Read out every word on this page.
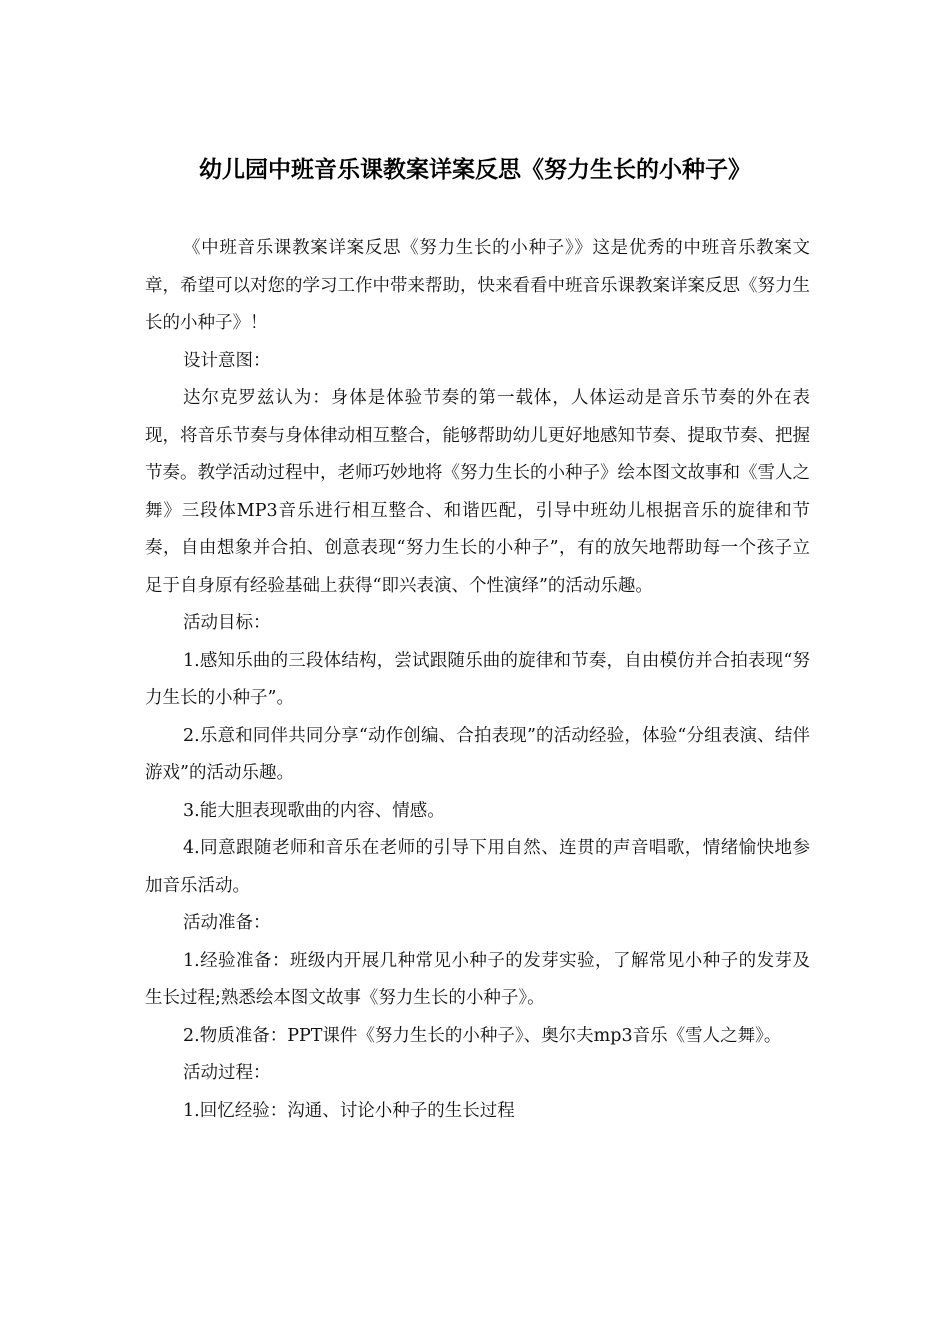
幼儿园中班音乐课教案详案反思《努力生长的小种子》

《中班音乐课教案详案反思《努力生长的小种子》》这是优秀的中班音乐教案文章，希望可以对您的学习工作中带来帮助，快来看看中班音乐课教案详案反思《努力生长的小种子》！

设计意图：

达尔克罗兹认为：身体是体验节奏的第一载体，人体运动是音乐节奏的外在表现，将音乐节奏与身体律动相互整合，能够帮助幼儿更好地感知节奏、提取节奏、把握节奏。教学活动过程中，老师巧妙地将《努力生长的小种子》绘本图文故事和《雪人之舞》三段体MP3音乐进行相互整合、和谐匹配，引导中班幼儿根据音乐的旋律和节奏，自由想象并合拍、创意表现“努力生长的小种子”，有的放矢地帮助每一个孩子立足于自身原有经验基础上获得“即兴表演、个性演绎”的活动乐趣。

活动目标：

1.感知乐曲的三段体结构，尝试跟随乐曲的旋律和节奏，自由模仿并合拍表现“努力生长的小种子”。

2.乐意和同伴共同分享“动作创编、合拍表现”的活动经验，体验“分组表演、结伴游戏”的活动乐趣。

3.能大胆表现歌曲的内容、情感。

4.同意跟随老师和音乐在老师的引导下用自然、连贯的声音唱歌，情绪愉快地参加音乐活动。

活动准备：

1.经验准备：班级内开展几种常见小种子的发芽实验，了解常见小种子的发芽及生长过程;熟悉绘本图文故事《努力生长的小种子》。

2.物质准备：PPT课件《努力生长的小种子》、奥尔夫mp3音乐《雪人之舞》。

活动过程：

1.回忆经验：沟通、讨论小种子的生长过程
